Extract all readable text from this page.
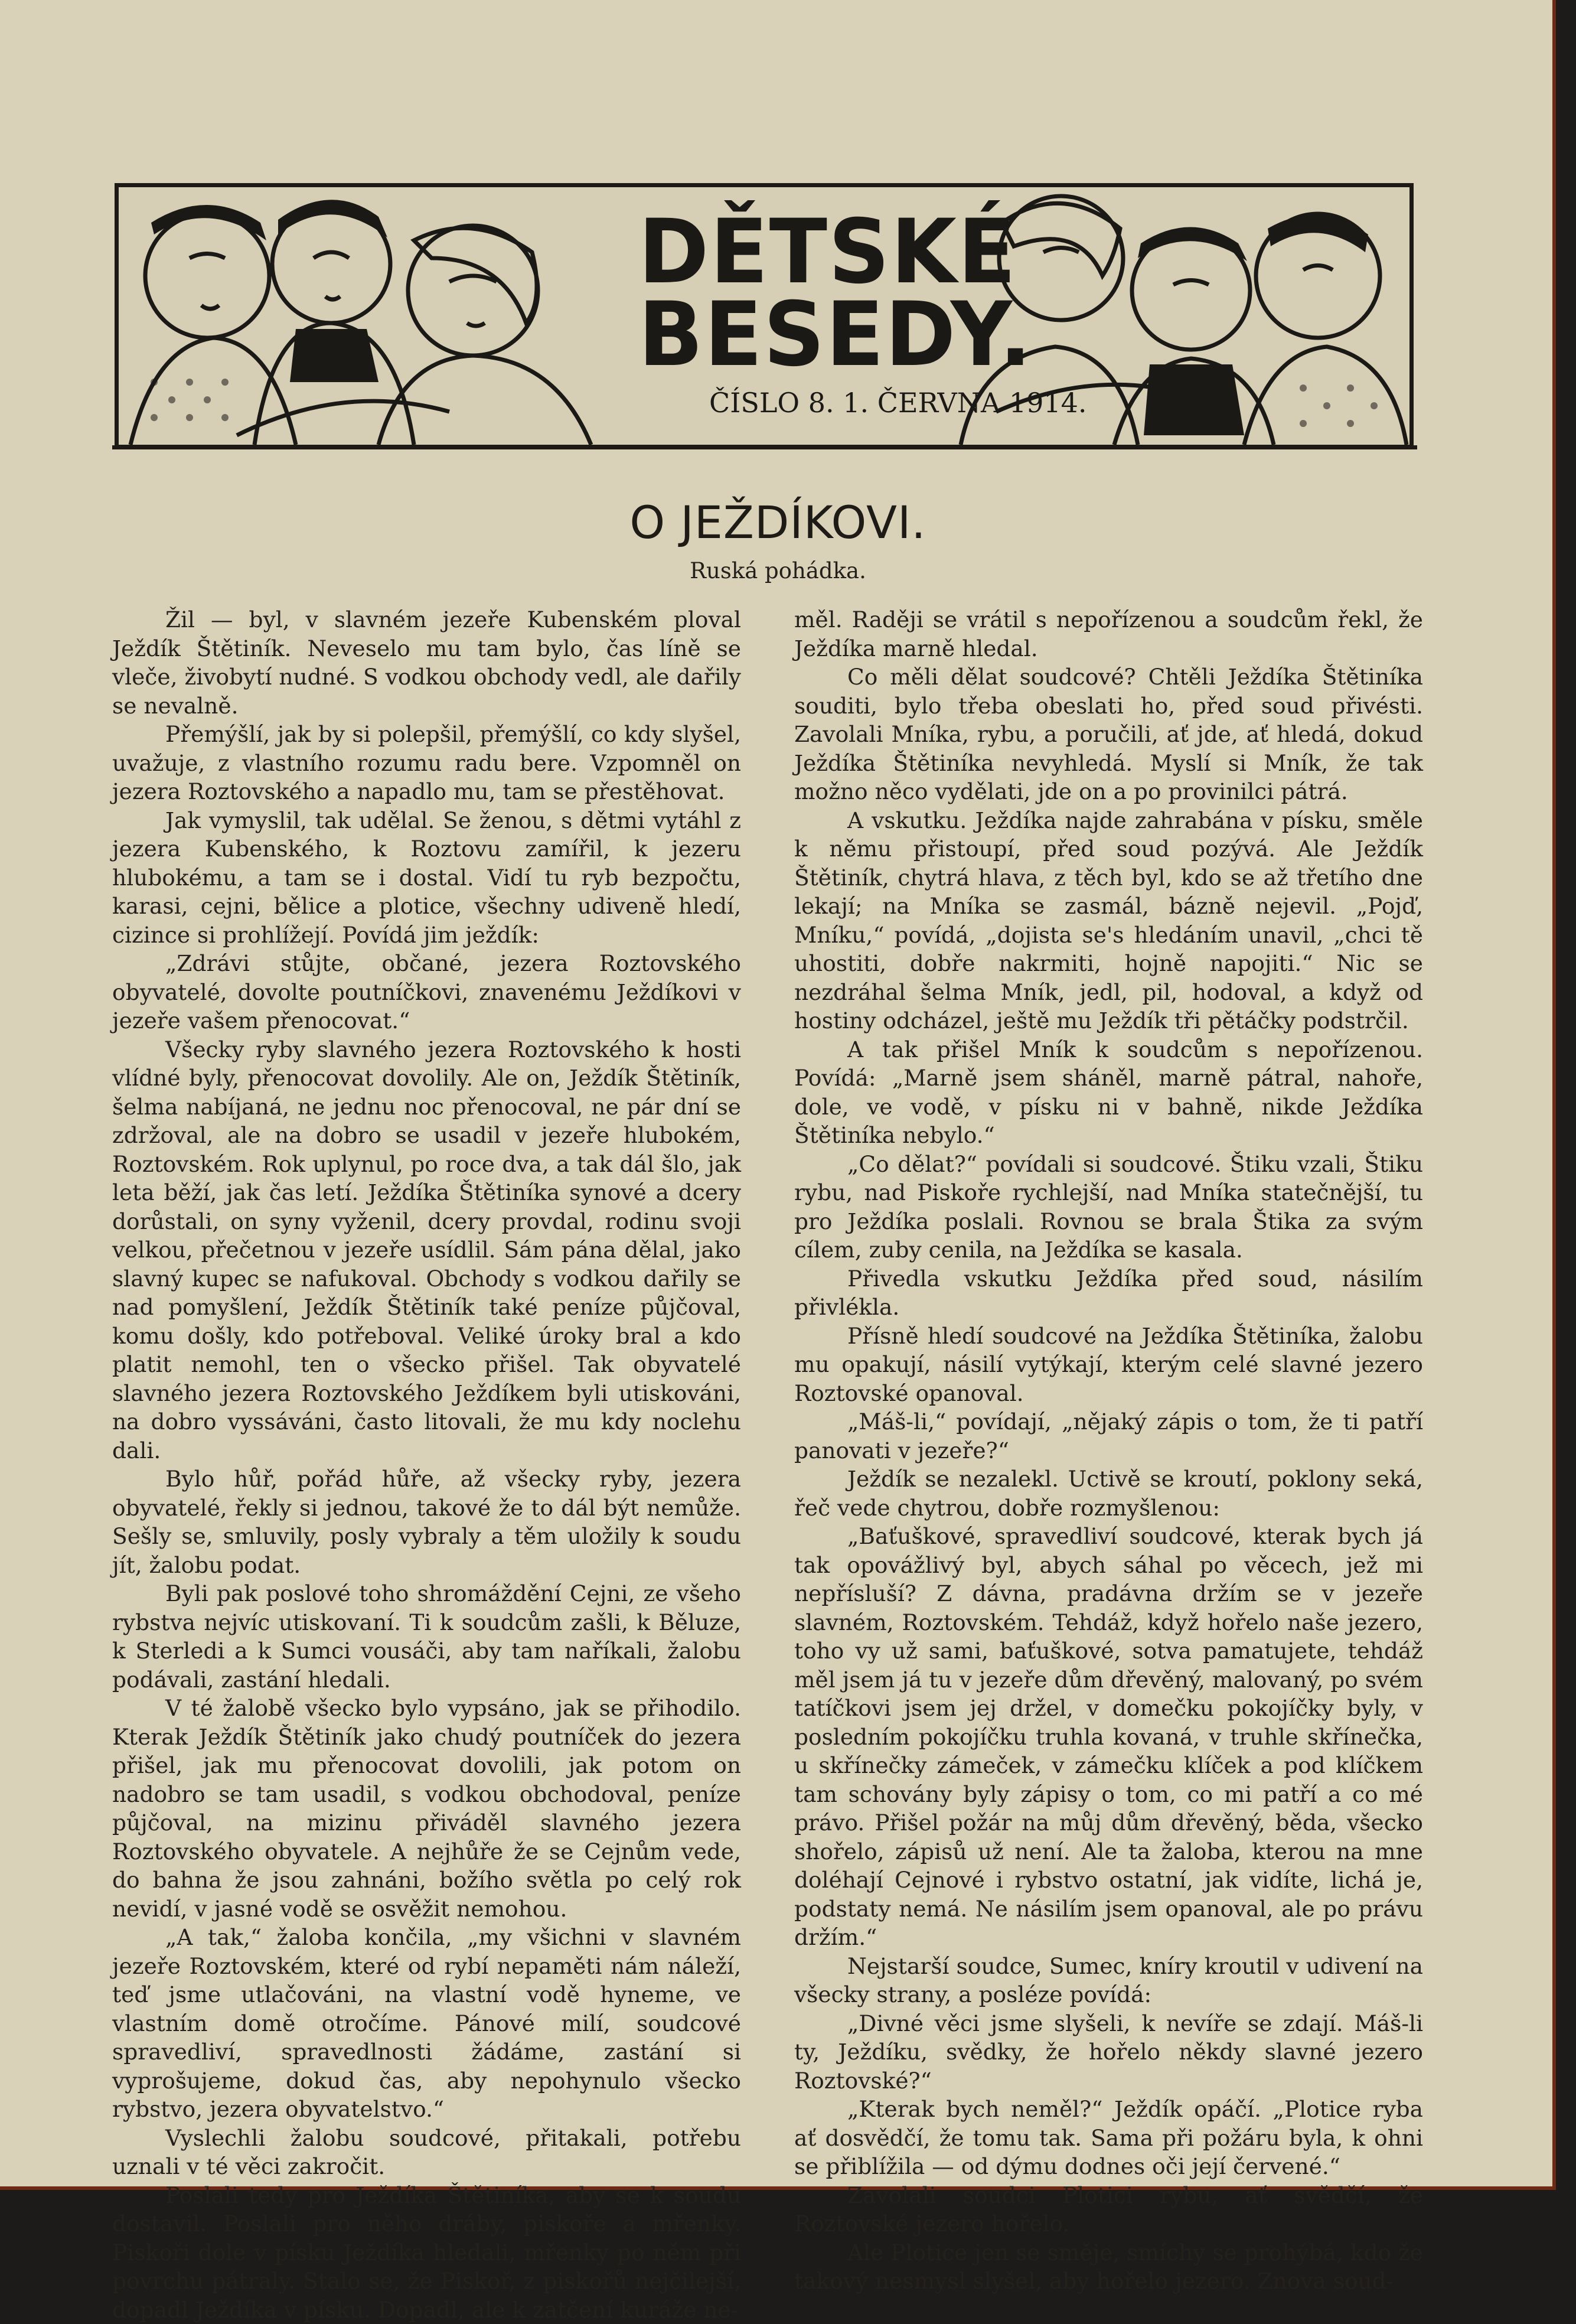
DĚTSKÉ
BESEDY.
ČÍSLO 8. 1. ČERVNA 1914.
O JEŽDÍKOVI.
Ruská pohádka.

Žil — byl, v slavném jezeře Kubenském ploval Ježdík Štětiník. Neveselo mu tam bylo, čas líně se vleče, živobytí nudné. S vodkou obchody vedl, ale dařily se nevalně.

Přemýšlí, jak by si polepšil, přemýšlí, co kdy slyšel, uvažuje, z vlastního rozumu radu bere. Vzpomněl on jezera Roztovského a napadlo mu, tam se přestěhovat.

Jak vymyslil, tak udělal. Se ženou, s dětmi vytáhl z jezera Kubenského, k Roztovu zamířil, k jezeru hlubokému, a tam se i dostal. Vidí tu ryb bezpočtu, karasi, cejni, bělice a plotice, všechny udiveně hledí, cizince si prohlížejí. Povídá jim ježdík:

„Zdrávi stůjte, občané, jezera Roztovského obyvatelé, dovolte poutníčkovi, znavenému Ježdíkovi v jezeře vašem přenocovat.“

Všecky ryby slavného jezera Roztovského k hosti vlídné byly, přenocovat dovolily. Ale on, Ježdík Štětiník, šelma nabíjaná, ne jednu noc přenocoval, ne pár dní se zdržoval, ale na dobro se usadil v jezeře hlubokém, Roztovském. Rok uplynul, po roce dva, a tak dál šlo, jak leta běží, jak čas letí. Ježdíka Štětiníka synové a dcery dorůstali, on syny vyženil, dcery provdal, rodinu svoji velkou, přečetnou v jezeře usídlil. Sám pána dělal, jako slavný kupec se nafukoval. Obchody s vodkou dařily se nad pomyšlení, Ježdík Štětiník také peníze půjčoval, komu došly, kdo potřeboval. Veliké úroky bral a kdo platit nemohl, ten o všecko přišel. Tak obyvatelé slavného jezera Roztovského Ježdíkem byli utiskováni, na dobro vyssáváni, často litovali, že mu kdy noclehu dali.

Bylo hůř, pořád hůře, až všecky ryby, jezera obyvatelé, řekly si jednou, takové že to dál být nemůže. Sešly se, smluvily, posly vybraly a těm uložily k soudu jít, žalobu podat.

Byli pak poslové toho shromáždění Cejni, ze všeho rybstva nejvíc utiskovaní. Ti k soudcům zašli, k Běluze, k Sterledi a k Sumci vousáči, aby tam naříkali, žalobu podávali, zastání hledali.

V té žalobě všecko bylo vypsáno, jak se přihodilo. Kterak Ježdík Štětiník jako chudý poutníček do jezera přišel, jak mu přenocovat dovolili, jak potom on nadobro se tam usadil, s vodkou obchodoval, peníze půjčoval, na mizinu přiváděl slavného jezera Roztovského obyvatele. A nejhůře že se Cejnům vede, do bahna že jsou zahnáni, božího světla po celý rok nevidí, v jasné vodě se osvěžit nemohou.

„A tak,“ žaloba končila, „my všichni v slavném jezeře Roztovském, které od rybí nepaměti nám náleží, teď jsme utlačováni, na vlastní vodě hyneme, ve vlastním domě otročíme. Pánové milí, soudcové spravedliví, spravedlnosti žádáme, zastání si vyprošujeme, dokud čas, aby nepohynulo všecko rybstvo, jezera obyvatelstvo.“

Vyslechli žalobu soudcové, přitakali, potřebu uznali v té věci zakročit.

Poslali tedy pro Ježdíka Štětiníka, aby se k soudu dostavil. Poslali pro něho dráby, piskoře a mřenky. Piskoři dole v písku Ježdíka hledali, mřenky po něm při povrchu pátraly. Stalo se, že Piskoř, z piskořů nejčilejší, dopadl Ježdíka v písku. Dopadl, ale k zatčení kuráže ne-

měl. Raději se vrátil s nepořízenou a soudcům řekl, že Ježdíka marně hledal.

Co měli dělat soudcové? Chtěli Ježdíka Štětiníka souditi, bylo třeba obeslati ho, před soud přivésti. Zavolali Mníka, rybu, a poručili, ať jde, ať hledá, dokud Ježdíka Štětiníka nevyhledá. Myslí si Mník, že tak možno něco vydělati, jde on a po provinilci pátrá.

A vskutku. Ježdíka najde zahrabána v písku, směle k němu přistoupí, před soud pozývá. Ale Ježdík Štětiník, chytrá hlava, z těch byl, kdo se až třetího dne lekají; na Mníka se zasmál, bázně nejevil. „Pojď, Mníku,“ povídá, „dojista se's hledáním unavil, „chci tě uhostiti, dobře nakrmiti, hojně napojiti.“ Nic se nezdráhal šelma Mník, jedl, pil, hodoval, a když od hostiny odcházel, ještě mu Ježdík tři pětáčky podstrčil.

A tak přišel Mník k soudcům s nepořízenou. Povídá: „Marně jsem sháněl, marně pátral, nahoře, dole, ve vodě, v písku ni v bahně, nikde Ježdíka Štětiníka nebylo.“

„Co dělat?“ povídali si soudcové. Štiku vzali, Štiku rybu, nad Piskoře rychlejší, nad Mníka statečnější, tu pro Ježdíka poslali. Rovnou se brala Štika za svým cílem, zuby cenila, na Ježdíka se kasala.

Přivedla vskutku Ježdíka před soud, násilím přivlékla.

Přísně hledí soudcové na Ježdíka Štětiníka, žalobu mu opakují, násilí vytýkají, kterým celé slavné jezero Roztovské opanoval.

„Máš-li,“ povídají, „nějaký zápis o tom, že ti patří panovati v jezeře?“

Ježdík se nezalekl. Uctivě se kroutí, poklony seká, řeč vede chytrou, dobře rozmyšlenou:

„Baťuškové, spravedliví soudcové, kterak bych já tak opovážlivý byl, abych sáhal po věcech, jež mi nepřísluší? Z dávna, pradávna držím se v jezeře slavném, Roztovském. Tehdáž, když hořelo naše jezero, toho vy už sami, baťuškové, sotva pamatujete, tehdáž měl jsem já tu v jezeře dům dřevěný, malovaný, po svém tatíčkovi jsem jej držel, v domečku pokojíčky byly, v posledním pokojíčku truhla kovaná, v truhle skřínečka, u skřínečky zámeček, v zámečku klíček a pod klíčkem tam schovány byly zápisy o tom, co mi patří a co mé právo. Přišel požár na můj dům dřevěný, běda, všecko shořelo, zápisů už není. Ale ta žaloba, kterou na mne doléhají Cejnové i rybstvo ostatní, jak vidíte, lichá je, podstaty nemá. Ne násilím jsem opanoval, ale po právu držím.“

Nejstarší soudce, Sumec, kníry kroutil v udivení na všecky strany, a posléze povídá:

„Divné věci jsme slyšeli, k nevíře se zdají. Máš-li ty, Ježdíku, svědky, že hořelo někdy slavné jezero Roztovské?“

„Kterak bych neměl?“ Ježdík opáčí. „Plotice ryba ať dosvědčí, že tomu tak. Sama při požáru byla, k ohni se přiblížila — od dýmu dodnes oči její červené.“

Zavolali soudci Plotici rybu, ať svědčí, že Roztovské jezero hořelo.

Ale Plotice jen se směje, smíchy se prohýbá, kdo že takový nesmysl slyšel, aby hořelo jezero. Znova soud-
